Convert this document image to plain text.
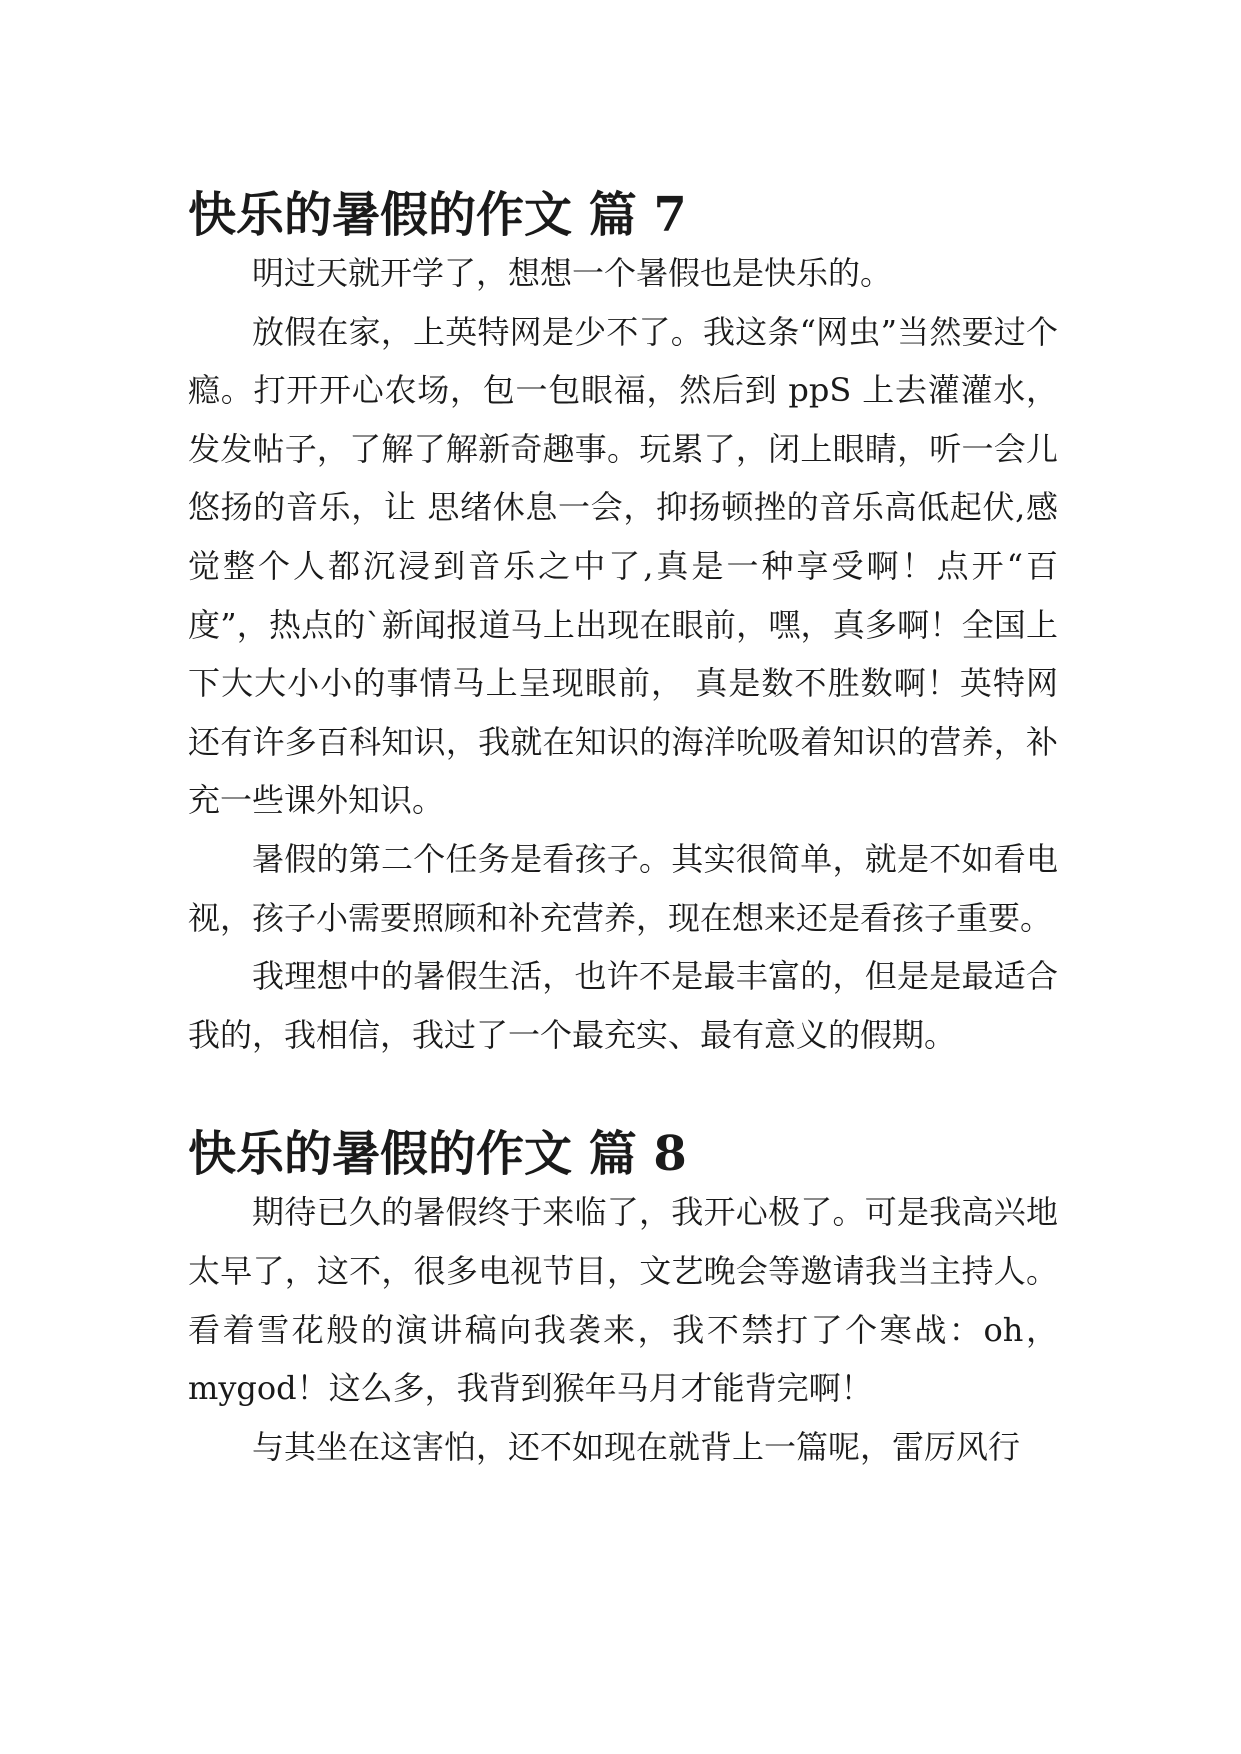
快乐的暑假的作文 篇 7

明过天就开学了，想想一个暑假也是快乐的。

放假在家，上英特网是少不了。我这条“网虫”当然要过个瘾。打开开心农场，包一包眼福，然后到 ppS 上去灌灌水，发发帖子，了解了解新奇趣事。玩累了，闭上眼睛，听一会儿悠扬的音乐，让 思绪休息一会，抑扬顿挫的音乐高低起伏,感觉整个人都沉浸到音乐之中了,真是一种享受啊！点开“百度”，热点的`新闻报道马上出现在眼前，嘿，真多啊！全国上下大大小小的事情马上呈现眼前， 真是数不胜数啊！英特网还有许多百科知识，我就在知识的海洋吮吸着知识的营养，补充一些课外知识。

暑假的第二个任务是看孩子。其实很简单，就是不如看电视，孩子小需要照顾和补充营养，现在想来还是看孩子重要。

我理想中的暑假生活，也许不是最丰富的，但是是最适合我的，我相信，我过了一个最充实、最有意义的假期。

快乐的暑假的作文 篇 8

期待已久的暑假终于来临了，我开心极了。可是我高兴地太早了，这不，很多电视节目，文艺晚会等邀请我当主持人。看着雪花般的演讲稿向我袭来，我不禁打了个寒战：oh，mygod！这么多，我背到猴年马月才能背完啊！

与其坐在这害怕，还不如现在就背上一篇呢，雷厉风行
